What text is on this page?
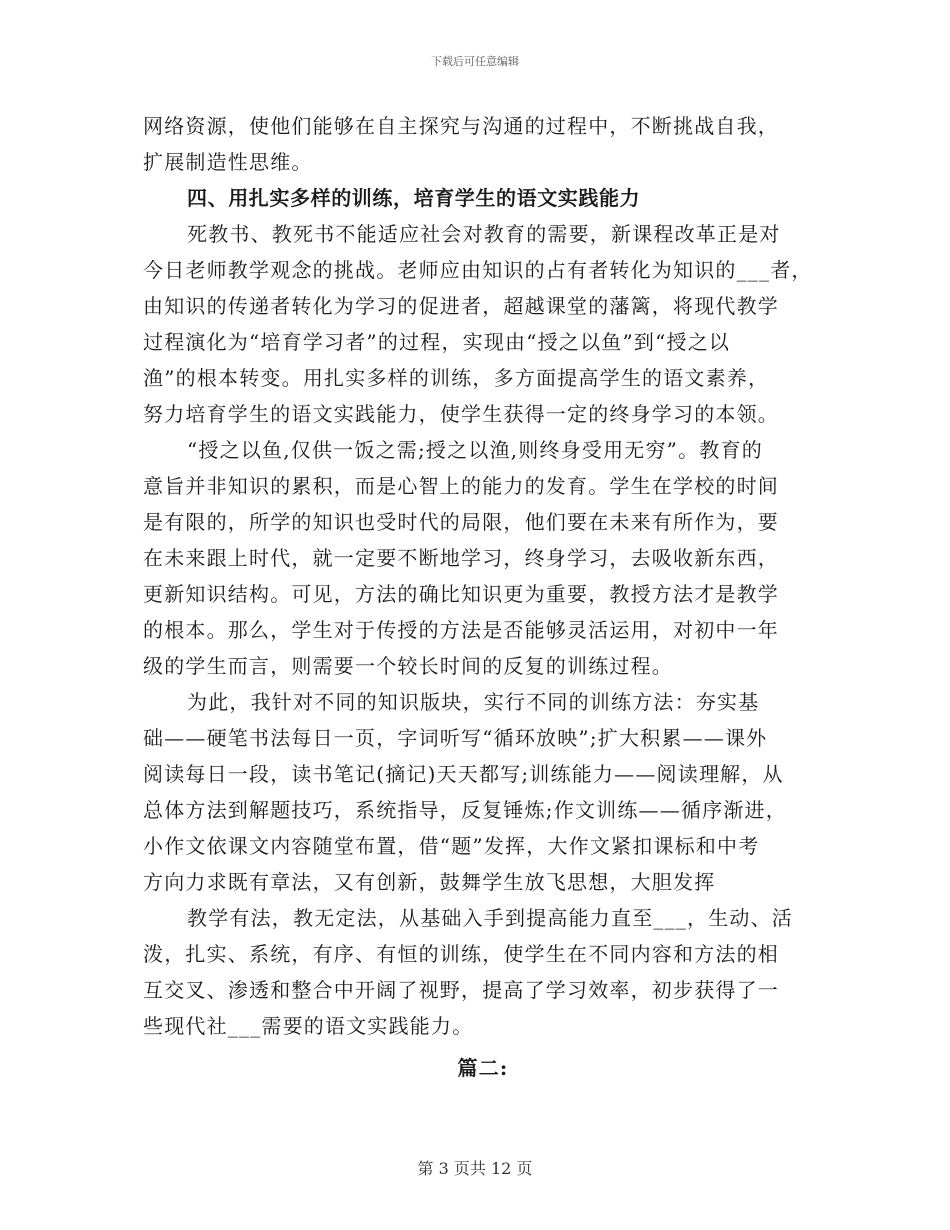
下载后可任意编辑
网络资源，使他们能够在自主探究与沟通的过程中，不断挑战自我，
扩展制造性思维。
四、用扎实多样的训练，培育学生的语文实践能力
死教书、教死书不能适应社会对教育的需要，新课程改革正是对
今日老师教学观念的挑战。老师应由知识的占有者转化为知识的___者，
由知识的传递者转化为学习的促进者，超越课堂的藩篱，将现代教学
过程演化为“培育学习者”的过程，实现由“授之以鱼”到“授之以
渔”的根本转变。用扎实多样的训练，多方面提高学生的语文素养，
努力培育学生的语文实践能力，使学生获得一定的终身学习的本领。
“授之以鱼,仅供一饭之需;授之以渔,则终身受用无穷”。教育的
意旨并非知识的累积，而是心智上的能力的发育。学生在学校的时间
是有限的，所学的知识也受时代的局限，他们要在未来有所作为，要
在未来跟上时代，就一定要不断地学习，终身学习，去吸收新东西，
更新知识结构。可见，方法的确比知识更为重要，教授方法才是教学
的根本。那么，学生对于传授的方法是否能够灵活运用，对初中一年
级的学生而言，则需要一个较长时间的反复的训练过程。
为此，我针对不同的知识版块，实行不同的训练方法：夯实基
础——硬笔书法每日一页，字词听写“循环放映”;扩大积累——课外
阅读每日一段，读书笔记(摘记)天天都写;训练能力——阅读理解，从
总体方法到解题技巧，系统指导，反复锤炼;作文训练——循序渐进，
小作文依课文内容随堂布置，借“题”发挥，大作文紧扣课标和中考
方向力求既有章法，又有创新，鼓舞学生放飞思想，大胆发挥
教学有法，教无定法，从基础入手到提高能力直至___，生动、活
泼，扎实、系统，有序、有恒的训练，使学生在不同内容和方法的相
互交叉、渗透和整合中开阔了视野，提高了学习效率，初步获得了一
些现代社___需要的语文实践能力。
篇二:
第 3 页共 12 页
